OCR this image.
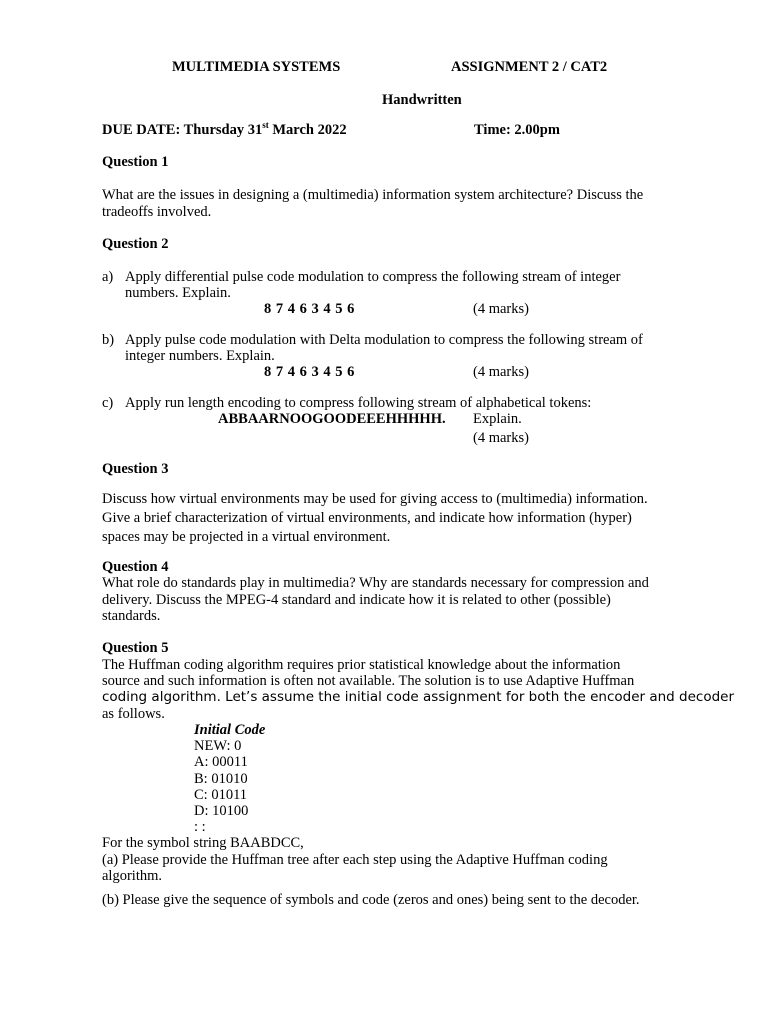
MULTIMEDIA SYSTEMS	ASSIGNMENT 2 / CAT2
Handwritten
DUE DATE: Thursday 31st March 2022	Time: 2.00pm
Question 1
What are the issues in designing a (multimedia) information system architecture? Discuss the
tradeoffs involved.
Question 2
a) Apply differential pulse code modulation to compress the following stream of integer
numbers. Explain.
8 7 4 6 3 4 5 6	(4 marks)
b) Apply pulse code modulation with Delta modulation to compress the following stream of
integer numbers. Explain.
8 7 4 6 3 4 5 6	(4 marks)
c) Apply run length encoding to compress following stream of alphabetical tokens:
ABBAARNOOGOODEEEHHHHH. Explain.
(4 marks)
Question 3
Discuss how virtual environments may be used for giving access to (multimedia) information.
Give a brief characterization of virtual environments, and indicate how information (hyper)
spaces may be projected in a virtual environment.
Question 4
What role do standards play in multimedia? Why are standards necessary for compression and
delivery. Discuss the MPEG-4 standard and indicate how it is related to other (possible)
standards.
Question 5
The Huffman coding algorithm requires prior statistical knowledge about the information
source and such information is often not available. The solution is to use Adaptive Huffman
coding algorithm. Let’s assume the initial code assignment for both the encoder and decoder
as follows.
Initial Code
NEW: 0
A: 00011
B: 01010
C: 01011
D: 10100
: :
For the symbol string BAABDCC,
(a) Please provide the Huffman tree after each step using the Adaptive Huffman coding
algorithm.
(b) Please give the sequence of symbols and code (zeros and ones) being sent to the decoder.
